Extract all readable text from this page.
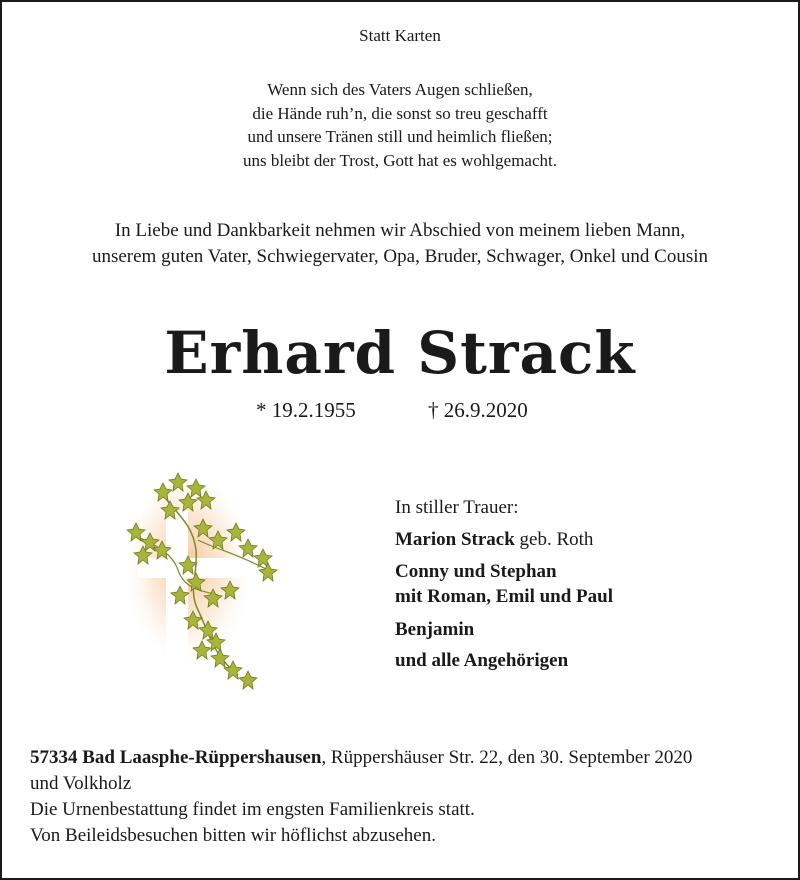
Statt Karten
Wenn sich des Vaters Augen schließen,
die Hände ruh’n, die sonst so treu geschafft
und unsere Tränen still und heimlich fließen;
uns bleibt der Trost, Gott hat es wohlgemacht.
In Liebe und Dankbarkeit nehmen wir Abschied von meinem lieben Mann,
unserem guten Vater, Schwiegervater, Opa, Bruder, Schwager, Onkel und Cousin
Erhard Strack
* 19.2.1955	† 26.9.2020
In stiller Trauer:
Marion Strack geb. Roth
Conny und Stephan
mit Roman, Emil und Paul
Benjamin
und alle Angehörigen
57334 Bad Laasphe-Rüppershausen, Rüppershäuser Str. 22, den 30. September 2020
und Volkholz
Die Urnenbestattung findet im engsten Familienkreis statt.
Von Beileidsbesuchen bitten wir höflichst abzusehen.
